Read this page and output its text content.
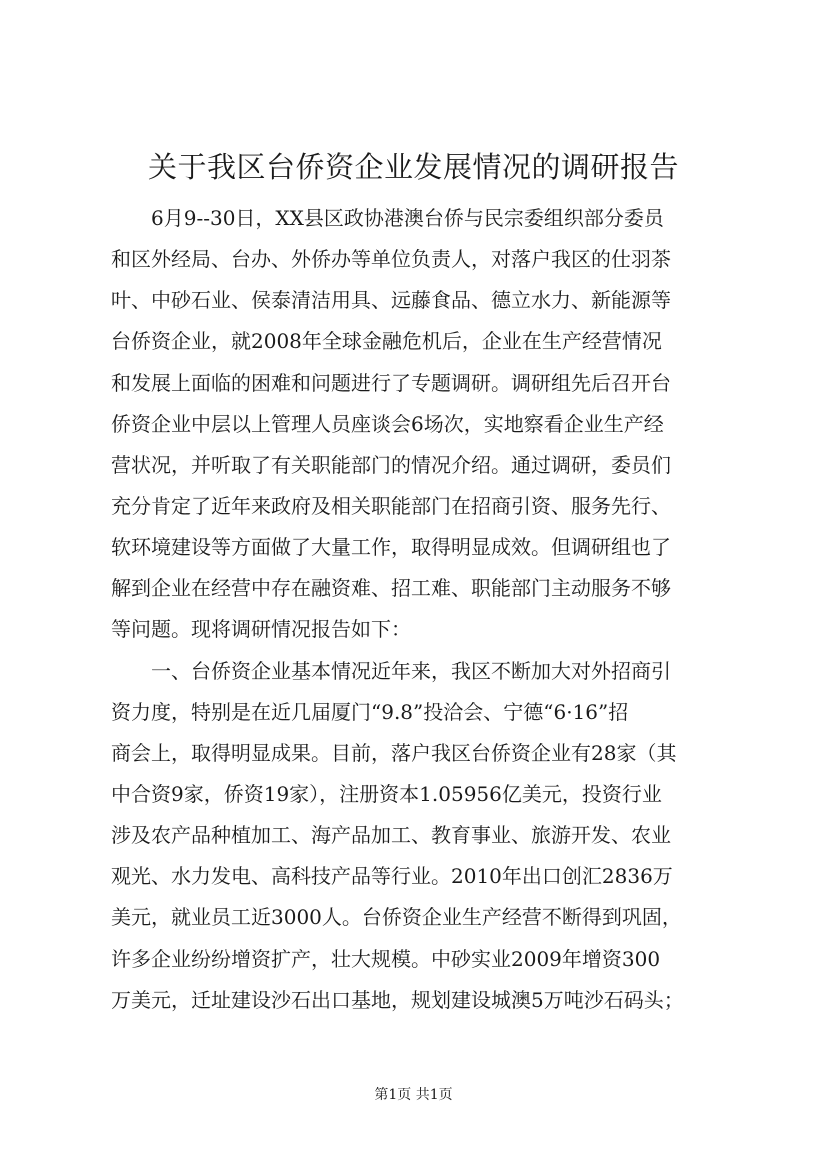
关于我区台侨资企业发展情况的调研报告
　　6月9--30日，XX县区政协港澳台侨与民宗委组织部分委员
和区外经局、台办、外侨办等单位负责人，对落户我区的仕羽茶
叶、中砂石业、侯泰清洁用具、远藤食品、德立水力、新能源等
台侨资企业，就2008年全球金融危机后，企业在生产经营情况
和发展上面临的困难和问题进行了专题调研。调研组先后召开台
侨资企业中层以上管理人员座谈会6场次，实地察看企业生产经
营状况，并听取了有关职能部门的情况介绍。通过调研，委员们
充分肯定了近年来政府及相关职能部门在招商引资、服务先行、
软环境建设等方面做了大量工作，取得明显成效。但调研组也了
解到企业在经营中存在融资难、招工难、职能部门主动服务不够
等问题。现将调研情况报告如下：
　　一、台侨资企业基本情况近年来，我区不断加大对外招商引
资力度，特别是在近几届厦门“9.8”投洽会、宁德“6·16”招
商会上，取得明显成果。目前，落户我区台侨资企业有28家（其
中合资9家，侨资19家），注册资本1.05956亿美元，投资行业
涉及农产品种植加工、海产品加工、教育事业、旅游开发、农业
观光、水力发电、高科技产品等行业。2010年出口创汇2836万
美元，就业员工近3000人。台侨资企业生产经营不断得到巩固，
许多企业纷纷增资扩产，壮大规模。中砂实业2009年增资300
万美元，迁址建设沙石出口基地，规划建设城澳5万吨沙石码头；
第1页 共1页
